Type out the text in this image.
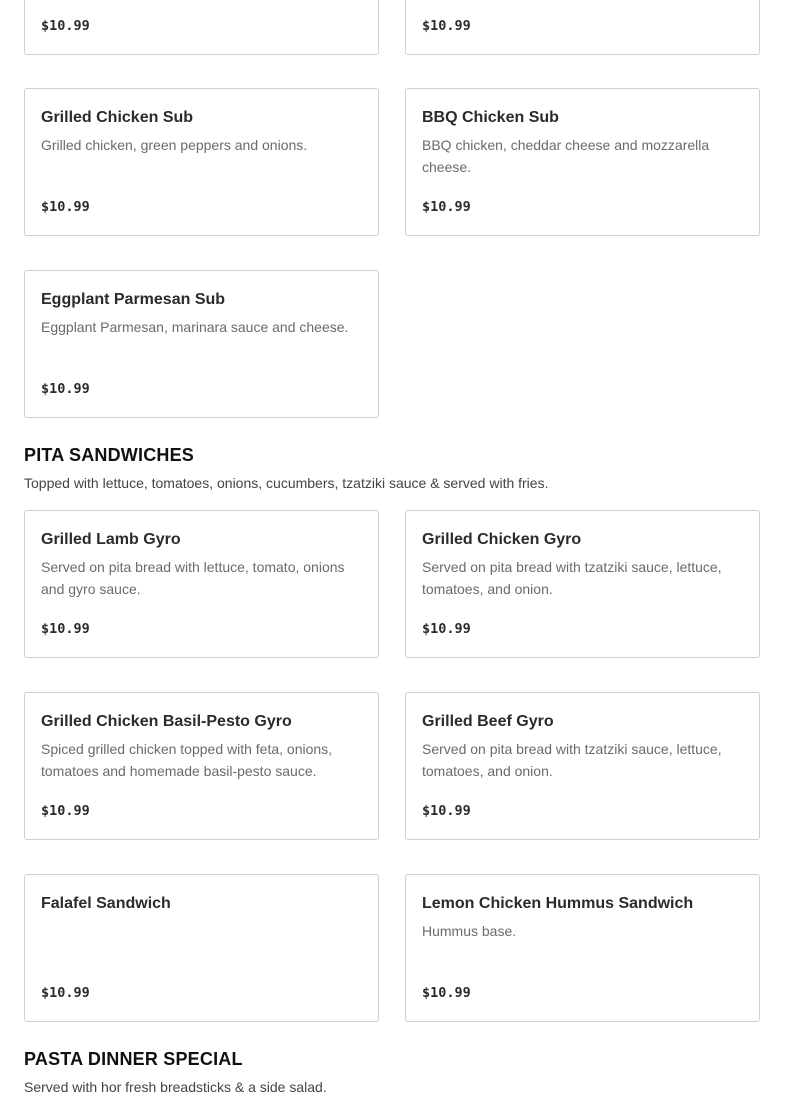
$10.99	$10.99
Grilled Chicken Sub
Grilled chicken, green peppers and onions.
$10.99
BBQ Chicken Sub
BBQ chicken, cheddar cheese and mozzarella cheese.
$10.99
Eggplant Parmesan Sub
Eggplant Parmesan, marinara sauce and cheese.
$10.99
PITA SANDWICHES
Topped with lettuce, tomatoes, onions, cucumbers, tzatziki sauce & served with fries.
Grilled Lamb Gyro
Served on pita bread with lettuce, tomato, onions and gyro sauce.
$10.99
Grilled Chicken Gyro
Served on pita bread with tzatziki sauce, lettuce, tomatoes, and onion.
$10.99
Grilled Chicken Basil-Pesto Gyro
Spiced grilled chicken topped with feta, onions, tomatoes and homemade basil-pesto sauce.
$10.99
Grilled Beef Gyro
Served on pita bread with tzatziki sauce, lettuce, tomatoes, and onion.
$10.99
Falafel Sandwich
$10.99
Lemon Chicken Hummus Sandwich
Hummus base.
$10.99
PASTA DINNER SPECIAL
Served with hor fresh breadsticks & a side salad.
